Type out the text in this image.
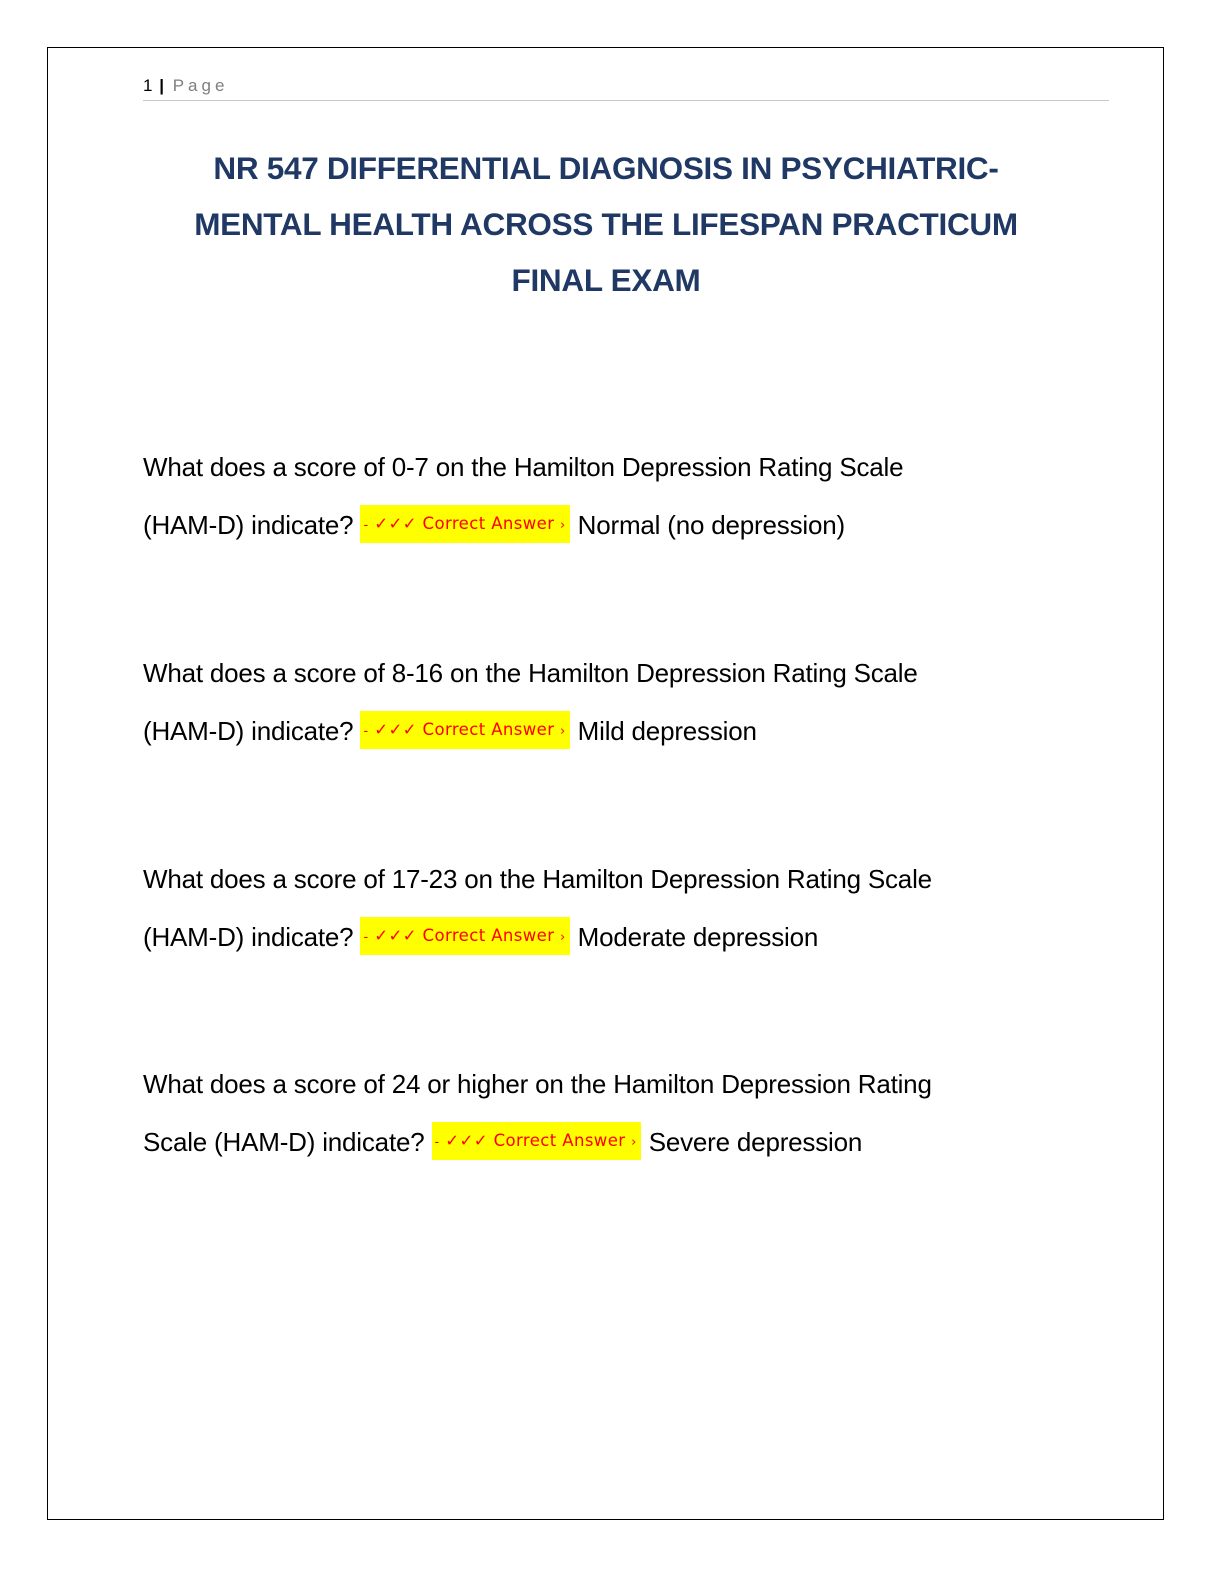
1 | Page
NR 547 DIFFERENTIAL DIAGNOSIS IN PSYCHIATRIC-
MENTAL HEALTH ACROSS THE LIFESPAN PRACTICUM
FINAL EXAM
What does a score of 0-7 on the Hamilton Depression Rating Scale
(HAM-D) indicate? - ✓✓✓ Correct Answer › Normal (no depression)
What does a score of 8-16 on the Hamilton Depression Rating Scale
(HAM-D) indicate? - ✓✓✓ Correct Answer › Mild depression
What does a score of 17-23 on the Hamilton Depression Rating Scale
(HAM-D) indicate? - ✓✓✓ Correct Answer › Moderate depression
What does a score of 24 or higher on the Hamilton Depression Rating
Scale (HAM-D) indicate? - ✓✓✓ Correct Answer › Severe depression
